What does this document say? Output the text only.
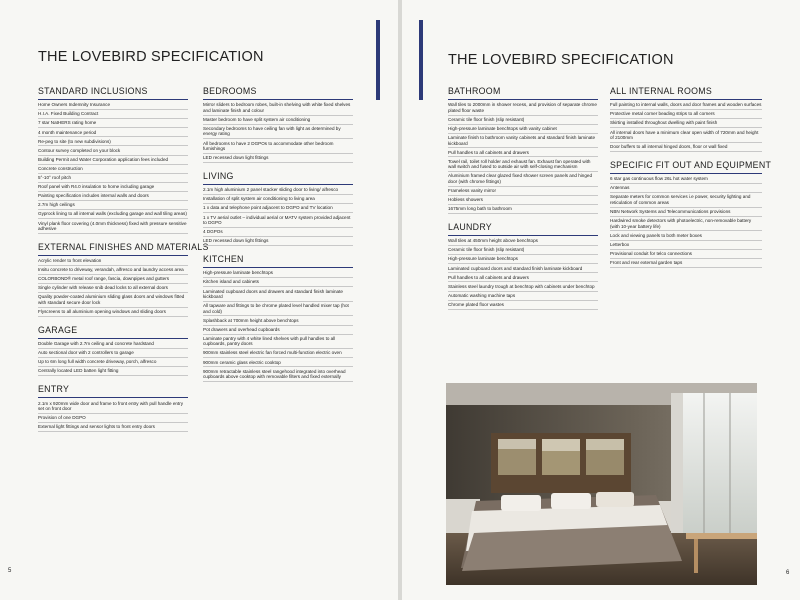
THE LOVEBIRD SPECIFICATION
STANDARD INCLUSIONS
Home Owners Indemnity Insurance
H.I.A. Fixed Building Contract
7 star NatHERS rating home
4 month maintenance period
Re-peg to site (to new subdivisions)
Contour survey completed on your block
Building Permit and Water Corporation application fees included
Concrete construction
5°-10° roof pitch
Roof panel with R4.0 insulation to home including garage
Painting specification includes internal walls and doors
2.7m high ceilings
Gyprock lining to all internal walls (excluding garage and wall tiling areas)
Vinyl plank floor covering (4.0mm thickness) fixed with pressure sensitive adhesive
EXTERNAL FINISHES AND MATERIALS
Acrylic render to front elevation
Insitu concrete to driveway, verandah, alfresco and laundry access area
COLORBOND® metal roof range, fascia, downpipes and gutters
Single cylinder with release snib dead locks to all external doors
Quality powder-coated aluminium sliding glass doors and windows fitted with standard secure door lock
Flyscreens to all aluminium opening windows and sliding doors
GARAGE
Double Garage with 2.7m ceiling and concrete hardstand
Auto sectional door with 2 controllers to garage
Up to 6m long full width concrete driveway, porch, alfresco
Centrally located LED batten light fitting
ENTRY
2.1m x 920mm wide door and frame to front entry with pull handle entry set on front door
Provision of one DGPO
External light fittings and sensor lights to front entry doors
BEDROOMS
Mirror sliders to bedroom robes, built-in shelving with white fixed shelves and laminate finish and colour
Master bedroom to have split system air conditioning
Secondary bedrooms to have ceiling fan with light as determined by energy rating
All bedrooms to have 2 DGPOs to accommodate other bedroom furnishings
LED recessed down light fittings
LIVING
2.1m high aluminium 2 panel stacker sliding door to living/ alfresco
Installation of split system air conditioning to living area
1 x data and telephone point adjacent to DGPO and TV location
1 x TV aerial outlet – individual aerial or MATV system provided adjacent to DGPO
4 DGPOs
LED recessed down light fittings
KITCHEN
High-pressure laminate benchtops
Kitchen island and cabinets
Laminated cupboard doors and drawers and standard finish laminate kickboard
All tapware and fittings to be chrome plated level handled mixer tap (hot and cold)
Splashback at 700mm height above benchtops
Pot drawers and overhead cupboards
Laminate pantry with 4 white lined shelves with pull handles to all cupboards, pantry doors
900mm stainless steel electric fan forced multi-function electric oven
900mm ceramic glass electric cooktop
900mm retractable stainless steel rangehood integrated into overhead cupboards above cooktop with removable filters and fixed externally
5
THE LOVEBIRD SPECIFICATION
BATHROOM
Wall tiles to 2000mm in shower recess, and provision of separate chrome plated floor waste
Ceramic tile floor finish (slip resistant)
High-pressure laminate benchtops with vanity cabinet
Laminate finish to bathroom vanity cabinets and standard finish laminate kickboard
Pull handles to all cabinets and drawers
Towel rail, toilet roll holder and exhaust fan. Exhaust fan operated with wall switch and fused to outside air with self-closing mechanism
Aluminium framed clear glazed fixed shower screen panels and hinged door (with chrome fittings)
Frameless vanity mirror
Hobless showers
1675mm long bath to bathroom
LAUNDRY
Wall tiles at 450mm height above benchtops
Ceramic tile floor finish (slip resistant)
High-pressure laminate benchtops
Laminated cupboard doors and standard finish laminate kickboard
Pull handles to all cabinets and drawers
Stainless steel laundry trough at benchtop with cabinets under benchtop
Automatic washing machine taps
Chrome plated floor wastes
ALL INTERNAL ROOMS
Full painting to internal walls, doors and door frames and wooden surfaces
Protective metal corner beading strips to all corners
Skirting installed throughout dwelling with paint finish
All internal doors have a minimum clear open width of 720mm and height of 2100mm
Door buffers to all internal hinged doors, floor or wall fixed
SPECIFIC FIT OUT AND EQUIPMENT
6 star gas continuous flow 26L hot water system
Antennas
Separate meters for common services i.e power, security lighting and reticulation of common areas
NBN Network Systems and Telecommunications provisions
Hardwired smoke detectors with photoelectric, non-removable battery (with 10-year battery life)
Lock and viewing panels to both meter boxes
Letterbox
Provisional conduit for telco connections
Front and rear external garden taps
6
